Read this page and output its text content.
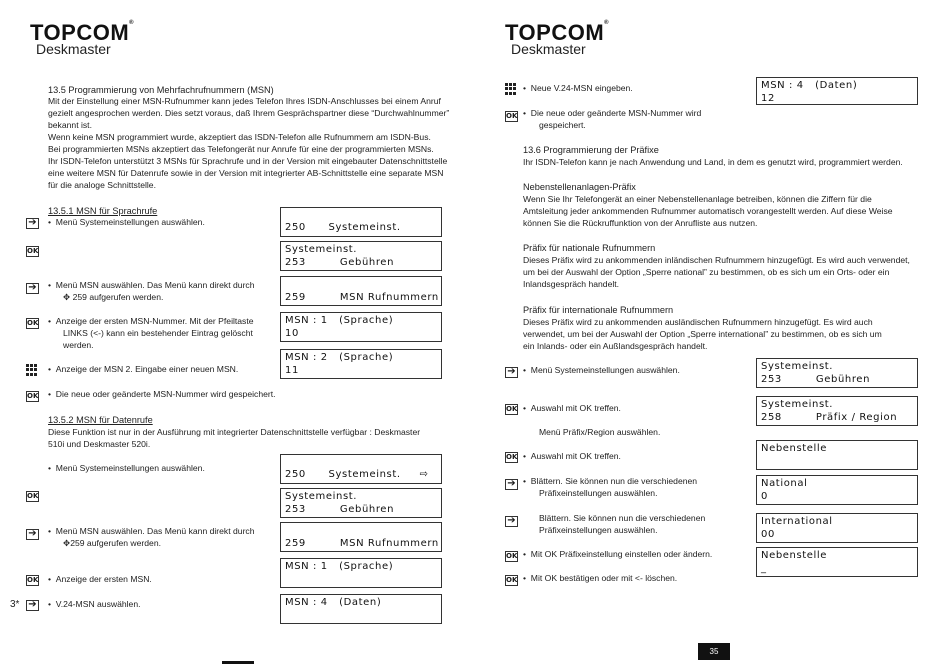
TOPCOM®
Deskmaster
13.5 Programmierung von Mehrfachrufnummern (MSN)
Mit der Einstellung einer MSN-Rufnummer kann jedes Telefon Ihres ISDN-Anschlusses bei einem Anruf
gezielt angesprochen werden. Dies setzt voraus, daß Ihrem Gesprächspartner diese “Durchwahlnummer”
bekannt ist.
Wenn keine MSN programmiert wurde, akzeptiert das ISDN-Telefon alle Rufnummern am ISDN-Bus.
Bei programmierten MSNs akzeptiert das Telefongerät nur Anrufe für eine der programmierten MSNs.
Ihr ISDN-Telefon unterstützt 3 MSNs für Sprachrufe und in der Version mit eingebauter Datenschnittstelle
eine weitere MSN für Datenrufe sowie in der Version mit integrierter AB-Schnittstelle eine separate MSN
für die analoge Schnittstelle.
13.5.1 MSN für Sprachrufe
➔ •  Menü Systemeinstellungen auswählen.
OK
➔ •  Menü MSN auswählen. Das Menü kann direkt durch
✥ 259 aufgerufen werden.
OK •  Anzeige der ersten MSN-Nummer. Mit der Pfeiltaste
LINKS (<-) kann ein bestehender Eintrag gelöscht
werden.
•  Anzeige der MSN 2. Eingabe einer neuen MSN.
OK •  Die neue oder geänderte MSN-Nummer wird gespeichert.
13.5.2 MSN für Datenrufe
Diese Funktion ist nur in der Ausführung mit integrierter Datenschnittstelle verfügbar : Deskmaster
510i und Deskmaster 520i.
•  Menü Systemeinstellungen auswählen.
OK
➔ •  Menü MSN auswählen. Das Menü kann direkt durch
✥259 aufgerufen werden.
OK •  Anzeige der ersten MSN.
3* ➔ •  V.24-MSN auswählen.
250      Systemeinst.
Systemeinst.
253         Gebühren
259         MSN Rufnummern
MSN : 1   (Sprache)
10
MSN : 2   (Sprache)
11
250      Systemeinst.     ⇨
Systemeinst.
253         Gebühren
259         MSN Rufnummern
MSN : 1   (Sprache)
MSN : 4   (Daten)
TOPCOM®
Deskmaster
•  Neue V.24-MSN eingeben.
OK •  Die neue oder geänderte MSN-Nummer wird
gespeichert.
13.6 Programmierung der Präfixe
Ihr ISDN-Telefon kann je nach Anwendung und Land, in dem es genutzt wird, programmiert werden.
Nebenstellenanlagen-Präfix
Wenn Sie Ihr Telefongerät an einer Nebenstellenanlage betreiben, können die Ziffern für die
Amtsleitung jeder ankommenden Rufnummer automatisch vorangestellt werden. Auf diese Weise
können Sie die Rückruffunktion von der Anrufliste aus nutzen.
Präfix für nationale Rufnummern
Dieses Präfix wird zu ankommenden inländischen Rufnummern hinzugefügt. Es wird auch verwendet,
um bei der Auswahl der Option „Sperre national” zu bestimmen, ob es sich um ein Orts- oder ein
Inlandsgespräch handelt.
Präfix für internationale Rufnummern
Dieses Präfix wird zu ankommenden ausländischen Rufnummern hinzugefügt. Es wird auch
verwendet, um bei der Auswahl der Option „Sperre international” zu bestimmen, ob es sich um
ein Inlands- oder ein Außlandsgespräch handelt.
➔ •  Menü Systemeinstellungen auswählen.
OK •  Auswahl mit OK treffen.
Menü Präfix/Region auswählen.
OK •  Auswahl mit OK treffen.
➔ •  Blättern. Sie können nun die verschiedenen
Präfixeinstellungen auswählen.
➔	Blättern. Sie können nun die verschiedenen
Präfixeinstellungen auswählen.
OK •  Mit OK Präfixeinstellung einstellen oder ändern.
OK •  Mit OK bestätigen oder mit <- löschen.
MSN : 4   (Daten)
12
Systemeinst.
253         Gebühren
Systemeinst.
258         Präfix / Region
Nebenstelle
National
0
International
00
Nebenstelle
_
35
